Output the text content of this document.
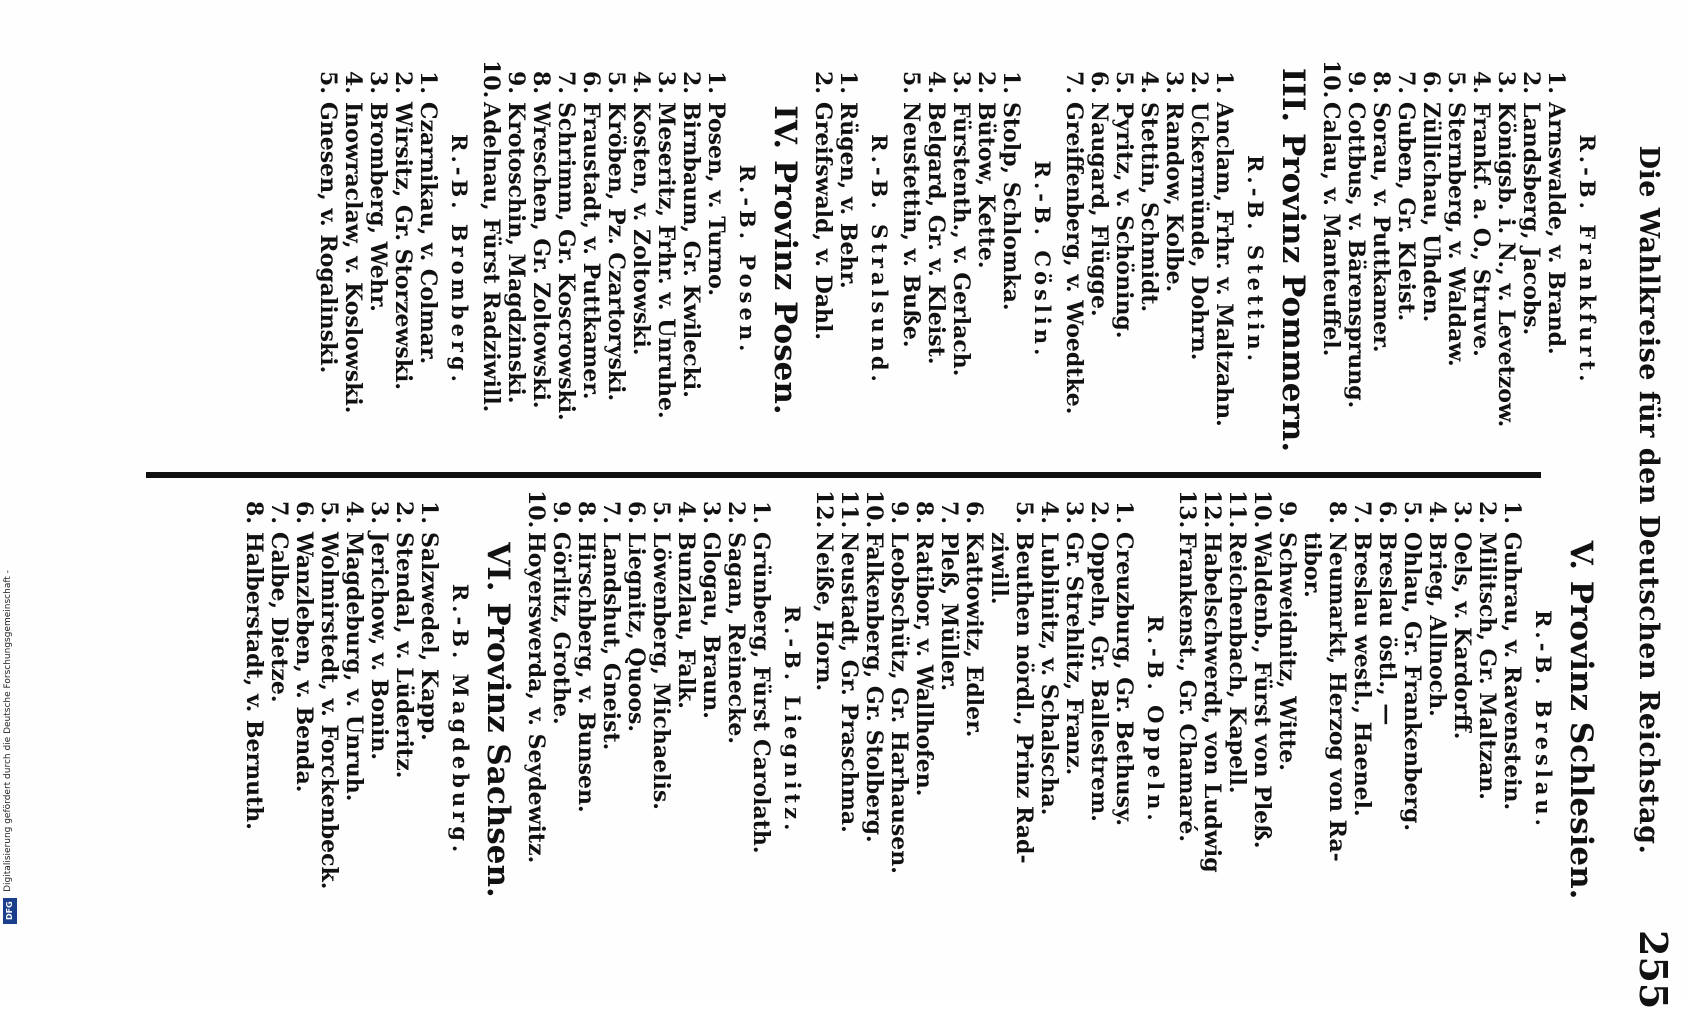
Digitalisierung gefördert durch die Deutsche Forschungsgemeinschaft -
DFG
Die Wahlkreise für den Deutschen Reichstag.
255
R.-B. Frankfurt.
1.
Arnswalde, v. Brand.
2.
Landsberg, Jacobs.
3.
Königsb. i. N., v. Levetzow.
4.
Frankf. a. O., Struve.
5.
Sternberg, v. Waldaw.
6.
Züllichau, Uhden.
7.
Guben, Gr. Kleist.
8.
Sorau, v. Puttkamer.
9.
Cottbus, v. Bärensprung.
10.
Calau, v. Manteuffel.
III. Provinz Pommern.
R.-B. Stettin.
1.
Anclam, Frhr. v. Maltzahn.
2.
Uckermünde, Dohrn.
3.
Randow, Kolbe.
4.
Stettin, Schmidt.
5.
Pyritz, v. Schöning.
6.
Naugard, Flügge.
7.
Greiffenberg, v. Woedtke.
R.-B. Cöslin.
1.
Stolp, Schlomka.
2.
Bütow, Kette.
3.
Fürstenth., v. Gerlach.
4.
Belgard, Gr. v. Kleist.
5.
Neustettin, v. Buße.
R.-B. Stralsund.
1.
Rügen, v. Behr.
2.
Greifswald, v. Dahl.
IV. Provinz Posen.
R.-B. Posen.
1.
Posen, v. Turno.
2.
Birnbaum, Gr. Kwilecki.
3.
Meseritz, Frhr. v. Unruhe.
4.
Kosten, v. Zoltowski.
5.
Kröben, Pz. Czartoryski.
6.
Fraustadt, v. Puttkamer.
7.
Schrimm, Gr. Koscrowski.
8.
Wreschen, Gr. Zoltowski.
9.
Krotoschin, Magdzinski.
10.
Adelnau, Fürst Radziwill.
R.-B. Bromberg.
1.
Czarnikau, v. Colmar.
2.
Wirsitz, Gr. Storzewski.
3.
Bromberg, Wehr.
4.
Inowraclaw, v. Koslowski.
5.
Gnesen, v. Rogalinski.
V. Provinz Schlesien.
R.-B. Breslau.
1.
Guhrau, v. Ravenstein.
2.
Militsch, Gr. Maltzan.
3.
Oels, v. Kardorff.
4.
Brieg, Allnoch.
5.
Ohlau, Gr. Frankenberg.
6.
Breslau östl., —
7.
Breslau westl., Haenel.
8.
Neumarkt, Herzog von Ra-
tibor.
9.
Schweidnitz, Witte.
10.
Waldenb., Fürst von Pleß.
11.
Reichenbach, Kapell.
12.
Habelschwerdt, von Ludwig
13.
Frankenst., Gr. Chamaré.
R.-B. Oppeln.
1.
Creuzburg, Gr. Bethusy.
2.
Oppeln, Gr. Ballestrem.
3.
Gr. Strehlitz, Franz.
4.
Lublinitz, v. Schalscha.
5.
Beuthen nördl., Prinz Rad-
ziwill.
6.
Kattowitz, Edler.
7.
Pleß, Müller.
8.
Ratibor, v. Wallhofen.
9.
Leobschütz, Gr. Harhausen.
10.
Falkenberg, Gr. Stolberg.
11.
Neustadt, Gr. Praschma.
12.
Neiße, Horn.
R.-B. Liegnitz.
1.
Grünberg, Fürst Carolath.
2.
Sagan, Reinecke.
3.
Glogau, Braun.
4.
Bunzlau, Falk.
5.
Löwenberg, Michaelis.
6.
Liegnitz, Quoos.
7.
Landshut, Gneist.
8.
Hirschberg, v. Bunsen.
9.
Görlitz, Grothe.
10.
Hoyerswerda, v. Seydewitz.
VI. Provinz Sachsen.
R.-B. Magdeburg.
1.
Salzwedel, Kapp.
2.
Stendal, v. Lüderitz.
3.
Jerichow, v. Bonin.
4.
Magdeburg, v. Unruh.
5.
Wolmirstedt, v. Forckenbeck.
6.
Wanzleben, v. Benda.
7.
Calbe, Dietze.
8.
Halberstadt, v. Bernuth.
